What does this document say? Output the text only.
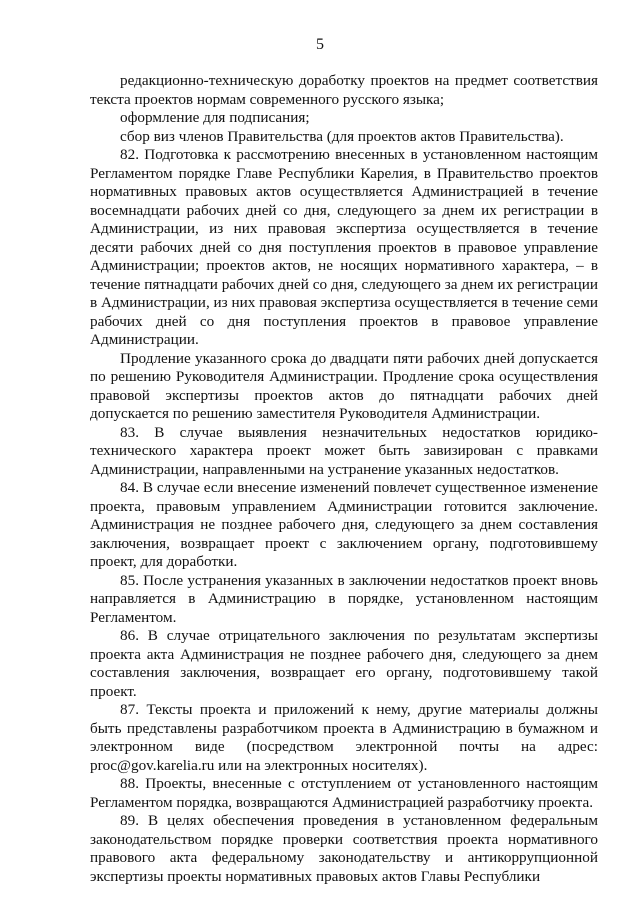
5

редакционно-техническую доработку проектов на предмет соответствия текста проектов нормам современного русского языка;

оформление для подписания;

сбор виз членов Правительства (для проектов актов Правительства).

82. Подготовка к рассмотрению внесенных в установленном настоящим Регламентом порядке Главе Республики Карелия, в Правительство проектов нормативных правовых актов осуществляется Администрацией в течение восемнадцати рабочих дней со дня, следующего за днем их регистрации в Администрации, из них правовая экспертиза осуществляется в течение десяти рабочих дней со дня поступления проектов в правовое управление Администрации; проектов актов, не носящих нормативного характера, – в течение пятнадцати рабочих дней со дня, следующего за днем их регистрации в Администрации, из них правовая экспертиза осуществляется в течение семи рабочих дней со дня поступления проектов в правовое управление Администрации.

Продление указанного срока до двадцати пяти рабочих дней допускается по решению Руководителя Администрации. Продление срока осуществления правовой экспертизы проектов актов до пятнадцати рабочих дней допускается по решению заместителя Руководителя Администрации.

83. В случае выявления незначительных недостатков юридико-технического характера проект может быть завизирован с правками Администрации, направленными на устранение указанных недостатков.

84. В случае если внесение изменений повлечет существенное изменение проекта, правовым управлением Администрации готовится заключение. Администрация не позднее рабочего дня, следующего за днем составления заключения, возвращает проект с заключением органу, подготовившему проект, для доработки.

85. После устранения указанных в заключении недостатков проект вновь направляется в Администрацию в порядке, установленном настоящим Регламентом.

86. В случае отрицательного заключения по результатам экспертизы проекта акта Администрация не позднее рабочего дня, следующего за днем составления заключения, возвращает его органу, подготовившему такой проект.

87. Тексты проекта и приложений к нему, другие материалы должны быть представлены разработчиком проекта в Администрацию в бумажном и электронном виде (посредством электронной почты на адрес: proc@gov.karelia.ru или на электронных носителях).

88. Проекты, внесенные с отступлением от установленного настоящим Регламентом порядка, возвращаются Администрацией разработчику проекта.

89. В целях обеспечения проведения в установленном федеральным законодательством порядке проверки соответствия проекта нормативного правового акта федеральному законодательству и антикоррупционной экспертизы проекты нормативных правовых актов Главы Республики
